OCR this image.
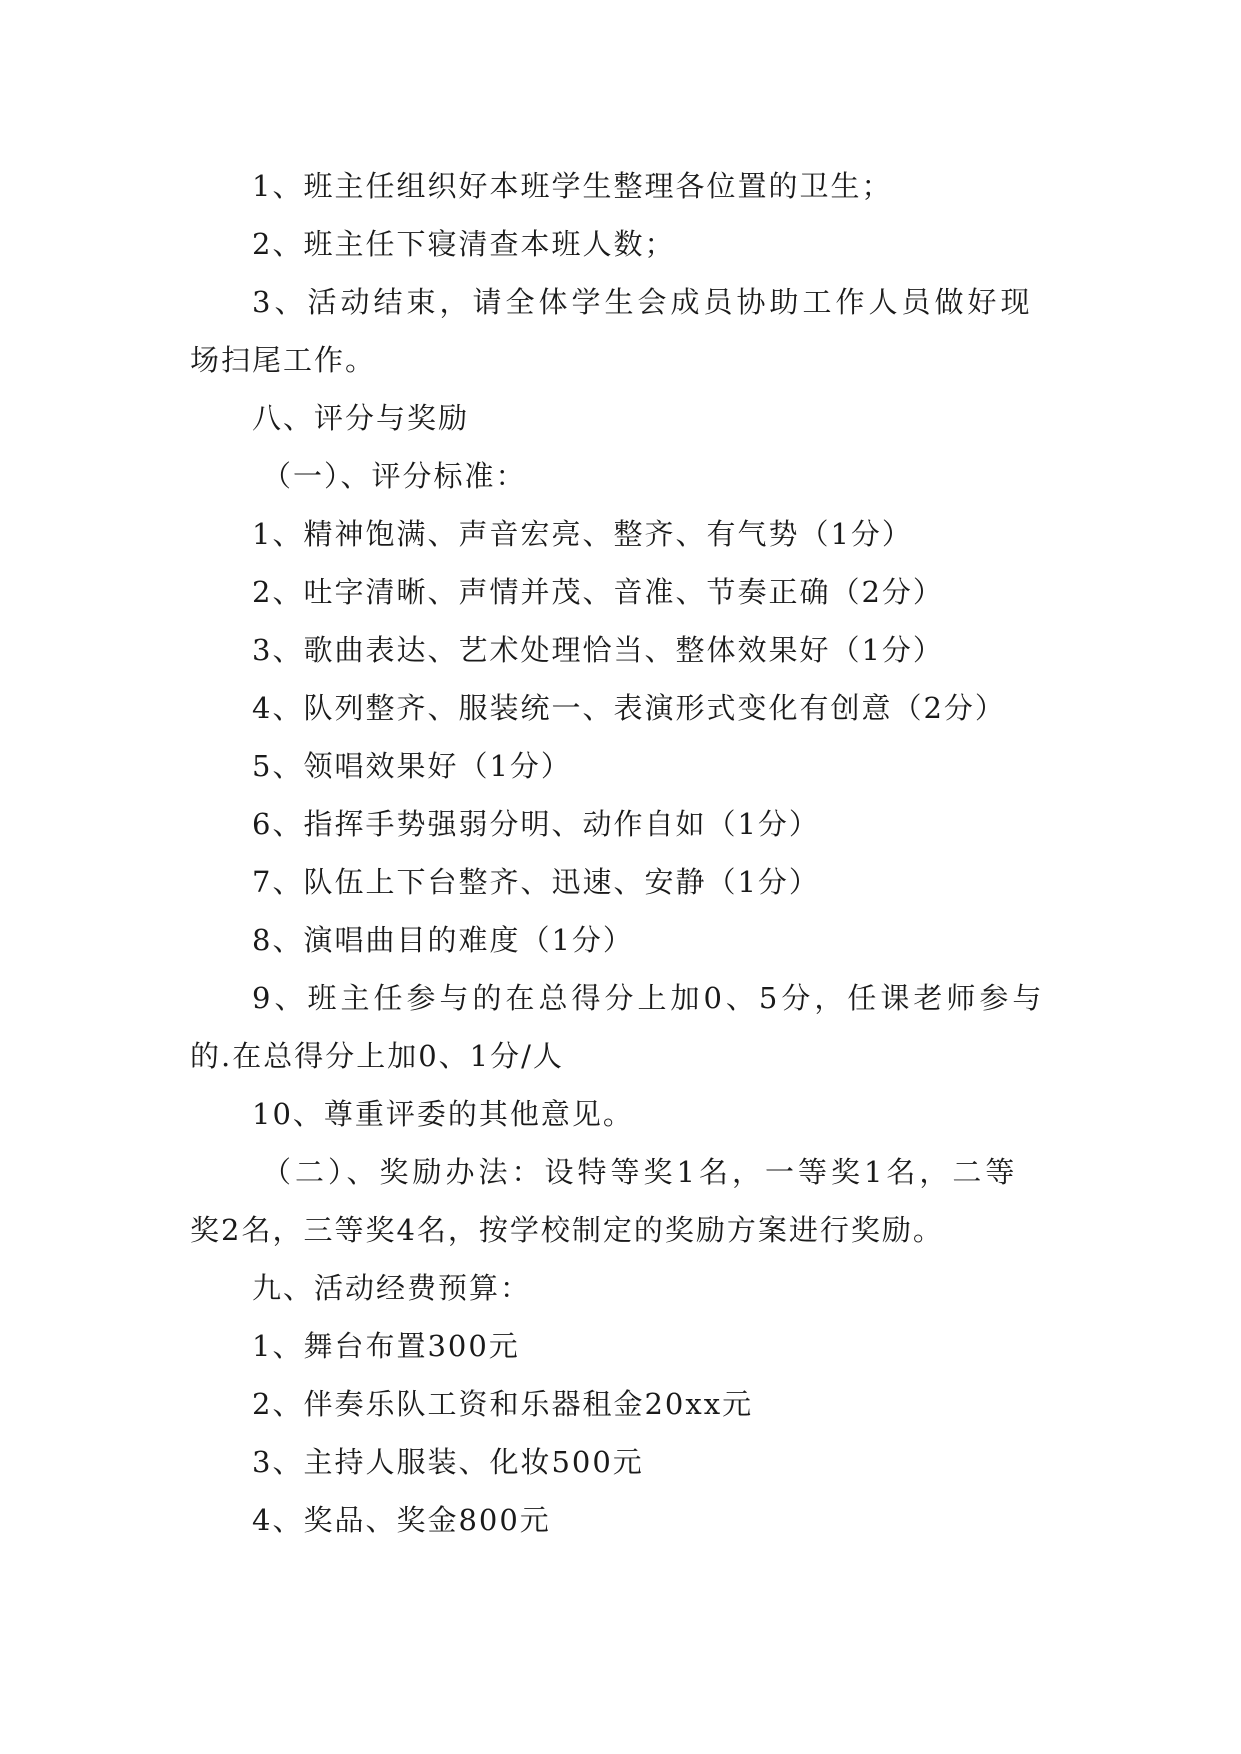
1、班主任组织好本班学生整理各位置的卫生；

2、班主任下寝清查本班人数；

3、活动结束，请全体学生会成员协助工作人员做好现

场扫尾工作。

八、评分与奖励

（一）、评分标准：

1、精神饱满、声音宏亮、整齐、有气势（1分）

2、吐字清晰、声情并茂、音准、节奏正确（2分）

3、歌曲表达、艺术处理恰当、整体效果好（1分）

4、队列整齐、服装统一、表演形式变化有创意（2分）

5、领唱效果好（1分）

6、指挥手势强弱分明、动作自如（1分）

7、队伍上下台整齐、迅速、安静（1分）

8、演唱曲目的难度（1分）

9、班主任参与的在总得分上加0、5分，任课老师参与

的.在总得分上加0、1分/人

10、尊重评委的其他意见。

（二）、奖励办法：设特等奖1名，一等奖1名，二等

奖2名，三等奖4名，按学校制定的奖励方案进行奖励。

九、活动经费预算：

1、舞台布置300元

2、伴奏乐队工资和乐器租金20xx元

3、主持人服装、化妆500元

4、奖品、奖金800元
